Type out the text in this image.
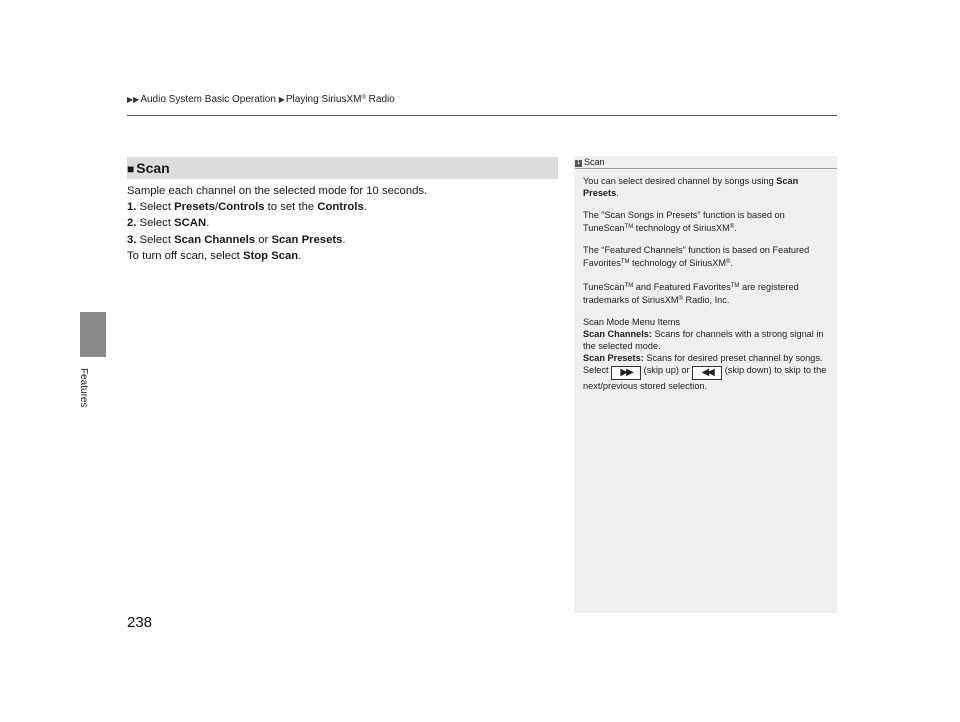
▶▶Audio System Basic Operation ▶Playing SiriusXM® Radio
Features
238
■ Scan

Sample each channel on the selected mode for 10 seconds.

1. Select Presets/Controls to set the Controls.

2. Select SCAN.

3. Select Scan Channels or Scan Presets.

To turn off scan, select Stop Scan.

1 Scan

You can select desired channel by songs using Scan Presets.

The “Scan Songs in Presets” function is based on TuneScan™ technology of SiriusXM®.

The “Featured Channels” function is based on Featured Favorites™ technology of SiriusXM®.

TuneScan™ and Featured Favorites™ are registered trademarks of SiriusXM® Radio, Inc.

Scan Mode Menu Items

Scan Channels: Scans for channels with a strong signal in the selected mode.

Scan Presets: Scans for desired preset channel by songs. Select ▶▶ (skip up) or ◀◀ (skip down) to skip to the next/previous stored selection.
